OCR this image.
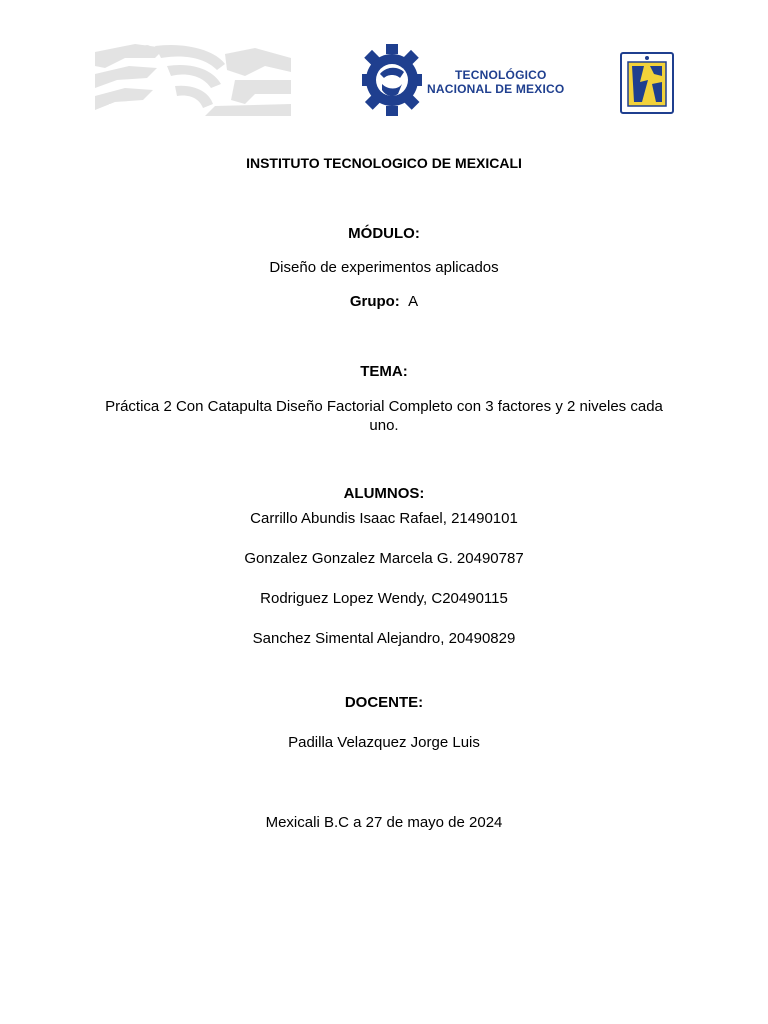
TECNOLÓGICO
NACIONAL DE MEXICO
INSTITUTO TECNOLOGICO DE MEXICALI
MÓDULO:
Diseño de experimentos aplicados
Grupo: A
TEMA:
Práctica 2 Con Catapulta Diseño Factorial Completo con 3 factores y 2 niveles cada
uno.
ALUMNOS:
Carrillo Abundis Isaac Rafael, 21490101
Gonzalez Gonzalez Marcela G. 20490787
Rodriguez Lopez Wendy, C20490115
Sanchez Simental Alejandro, 20490829
DOCENTE:
Padilla Velazquez Jorge Luis
Mexicali B.C a 27 de mayo de 2024
